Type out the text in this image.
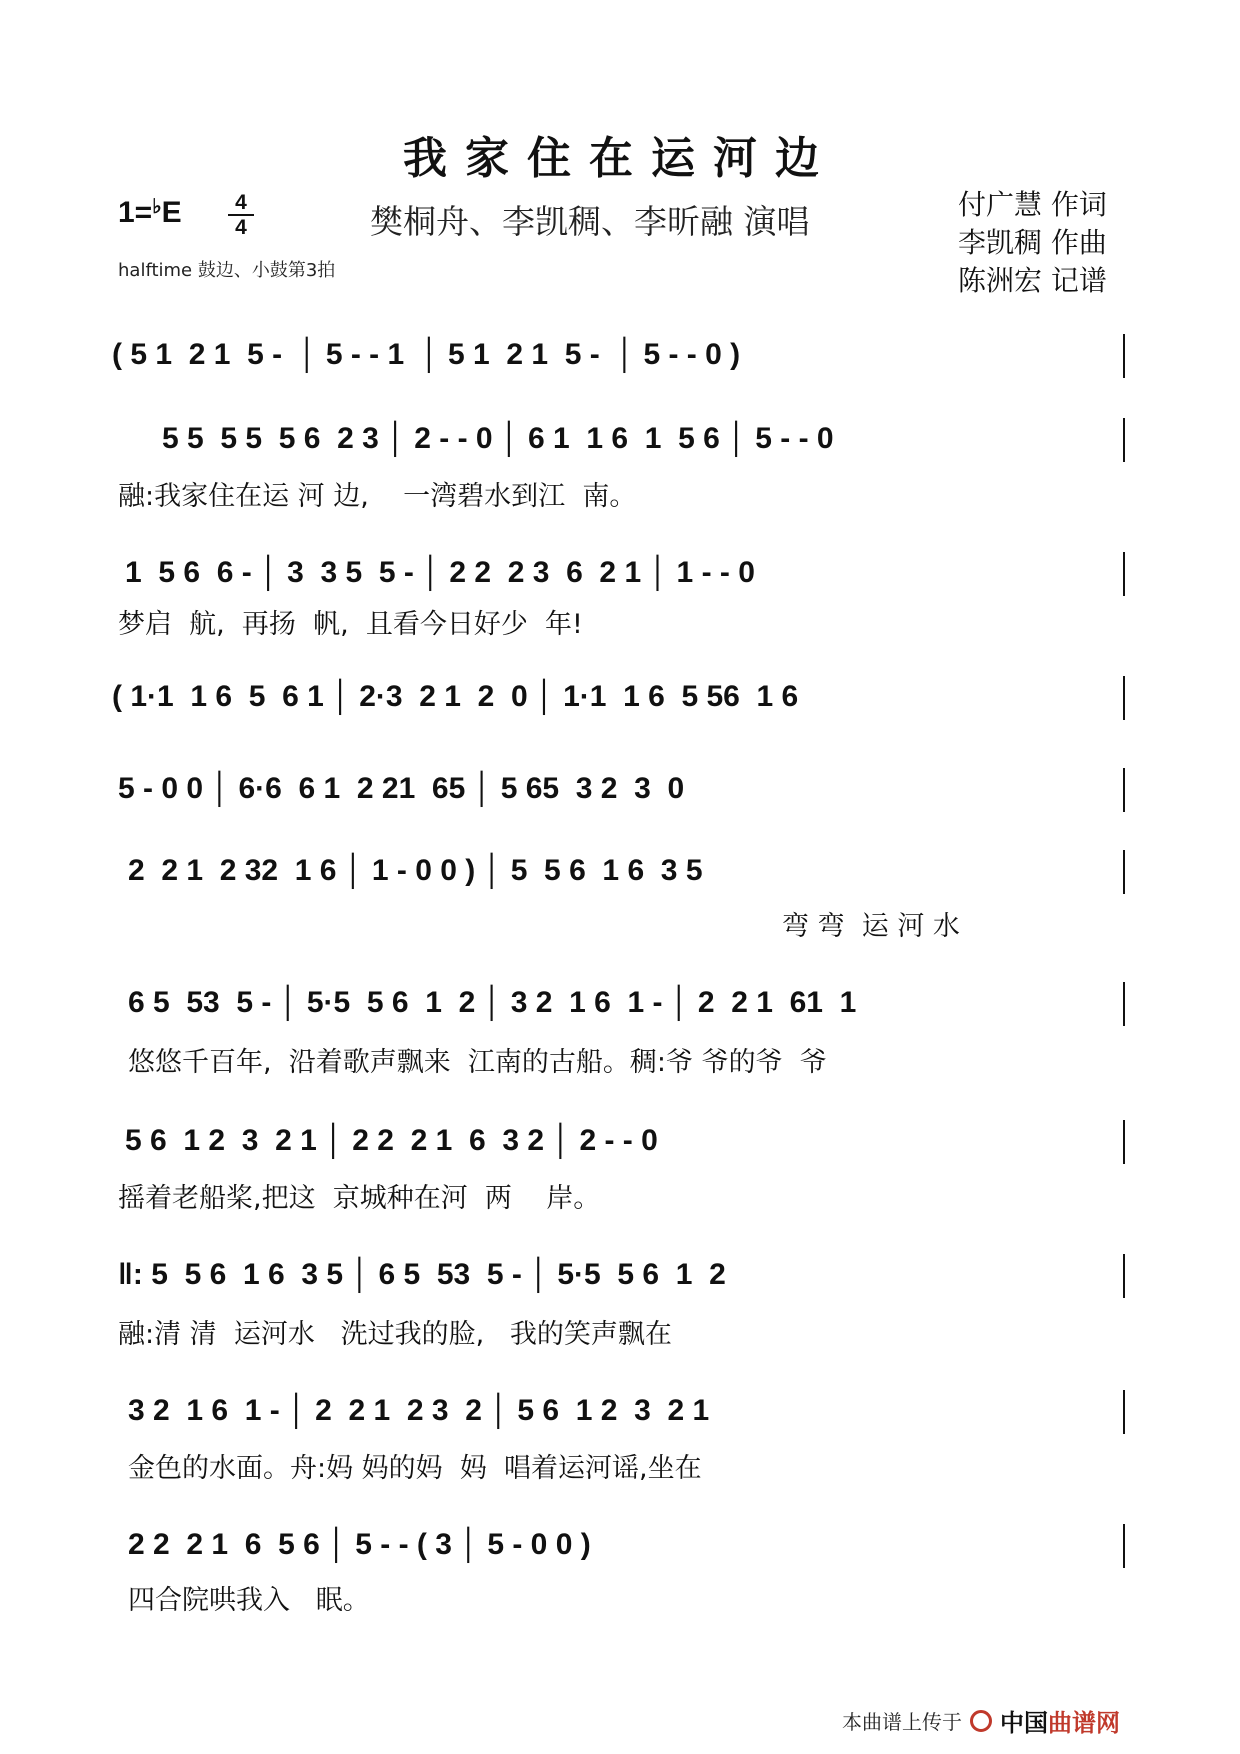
我家住在运河边
1=♭E	4
4	樊桐舟、李凯稠、李昕融 演唱
halftime 鼓边、小鼓第3拍
付广慧 作词
李凯稠 作曲
陈洲宏 记谱
( 5 1  2 1  5 -  │ 5 - - 1  │ 5 1  2 1  5 -  │ 5 - - 0 )
5 5  5 5  5 6  2 3 │ 2 - - 0 │ 6 1  1 6  1  5 6 │ 5 - - 0
融:我家住在运 河 边,    一湾碧水到江  南。
1  5 6  6 - │ 3  3 5  5 - │ 2 2  2 3  6  2 1 │ 1 - - 0
梦启  航,  再扬  帆,  且看今日好少  年!
( 1·1  1 6  5  6 1 │ 2·3  2 1  2  0 │ 1·1  1 6  5 56  1 6
5 - 0 0 │ 6·6  6 1  2 21  65 │ 5 65  3 2  3  0
2  2 1  2 32  1 6 │ 1 - 0 0 ) │ 5  5 6  1 6  3 5
弯 弯  运 河 水
6 5  53  5 - │ 5·5  5 6  1  2 │ 3 2  1 6  1 - │ 2  2 1  61  1
悠悠千百年,  沿着歌声飘来  江南的古船。稠:爷 爷的爷  爷
5 6  1 2  3  2 1 │ 2 2  2 1  6  3 2 │ 2 - - 0
摇着老船桨,把这  京城种在河  两    岸。
‖: 5  5 6  1 6  3 5 │ 6 5  53  5 - │ 5·5  5 6  1  2
融:清 清  运河水   洗过我的脸,   我的笑声飘在
3 2  1 6  1 - │ 2  2 1  2 3  2 │ 5 6  1 2  3  2 1
金色的水面。舟:妈 妈的妈  妈  唱着运河谣,坐在
2 2  2 1  6  5 6 │ 5 - - ( 3 │ 5 - 0 0 )
四合院哄我入   眠。
本曲谱上传于 中国曲谱网
